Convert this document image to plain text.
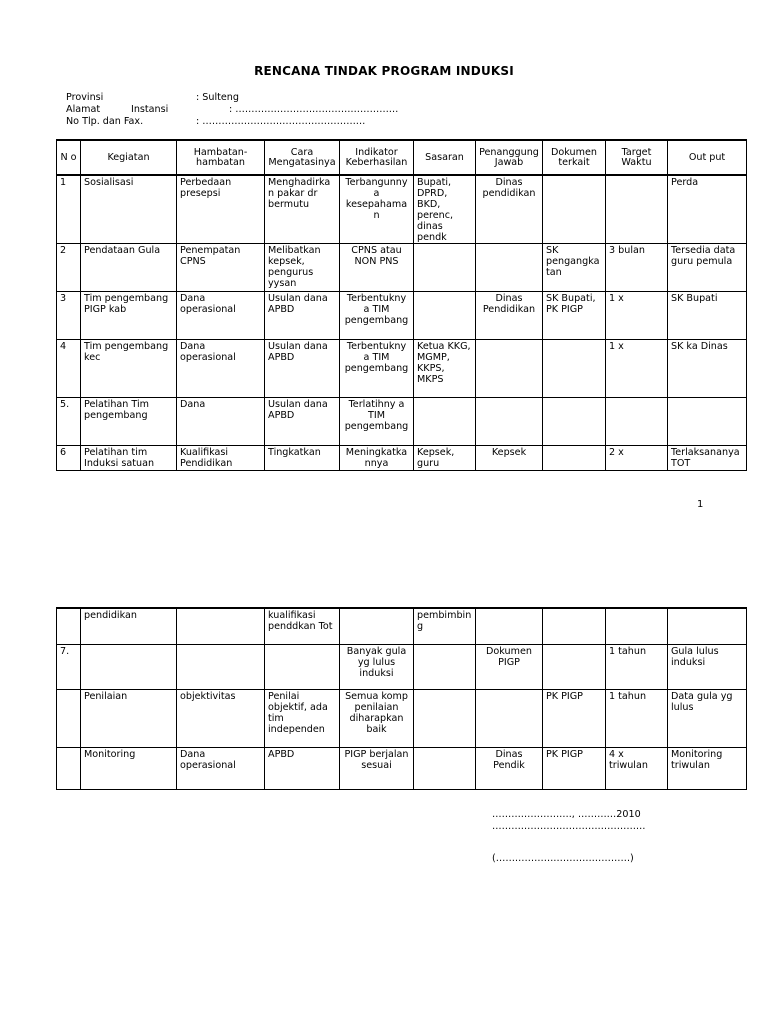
RENCANA TINDAK PROGRAM INDUKSI
Provinsi	: Sulteng
Alamat	Instansi	: ……………………………………………
No Tlp. dan Fax.	: ……………………………………………
N o	Kegiatan	Hambatan-hambatan	Cara Mengatasinya	Indikator Keberhasilan	Sasaran	Penanggung Jawab	Dokumen terkait	Target Waktu	Out put
1	Sosialisasi	Perbedaan presepsi	Menghadirkan pakar dr bermutu	Terbangunnya kesepahaman	Bupati, DPRD, BKD, perenc, dinas pendk	Dinas pendidikan			Perda
2	Pendataan Gula	Penempatan CPNS	Melibatkan kepsek, pengurus yysan	CPNS atau NON PNS			SK pengangkatan	3 bulan	Tersedia data guru pemula
3	Tim pengembang PIGP kab	Dana operasional	Usulan dana APBD	Terbentukny a TIM pengembang		Dinas Pendidikan	SK Bupati, PK PIGP	1 x	SK Bupati
4	Tim pengembang kec	Dana operasional	Usulan dana APBD	Terbentukny a TIM pengembang	Ketua KKG, MGMP, KKPS, MKPS			1 x	SK ka Dinas
5.	Pelatihan Tim pengembang	Dana	Usulan dana APBD	Terlatihny a TIM pengembang					
6	Pelatihan tim Induksi satuan	Kualifikasi Pendidikan	Tingkatkan	Meningkatkannya	Kepsek, guru	Kepsek		2 x	Terlaksananya TOT
1
	pendidikan		kualifikasi penddkan Tot		pembimbing				
7.				Banyak gula yg lulus induksi		Dokumen PIGP		1 tahun	Gula lulus induksi
	Penilaian	objektivitas	Penilai objektif, ada tim independen	Semua komp penilaian diharapkan baik			PK PIGP	1 tahun	Data gula yg lulus
	Monitoring	Dana operasional	APBD	PIGP berjalan sesuai		Dinas Pendik	PK PIGP	4 x triwulan	Monitoring triwulan
……………………., …………2010
…………………………………………
(……………………………………)
